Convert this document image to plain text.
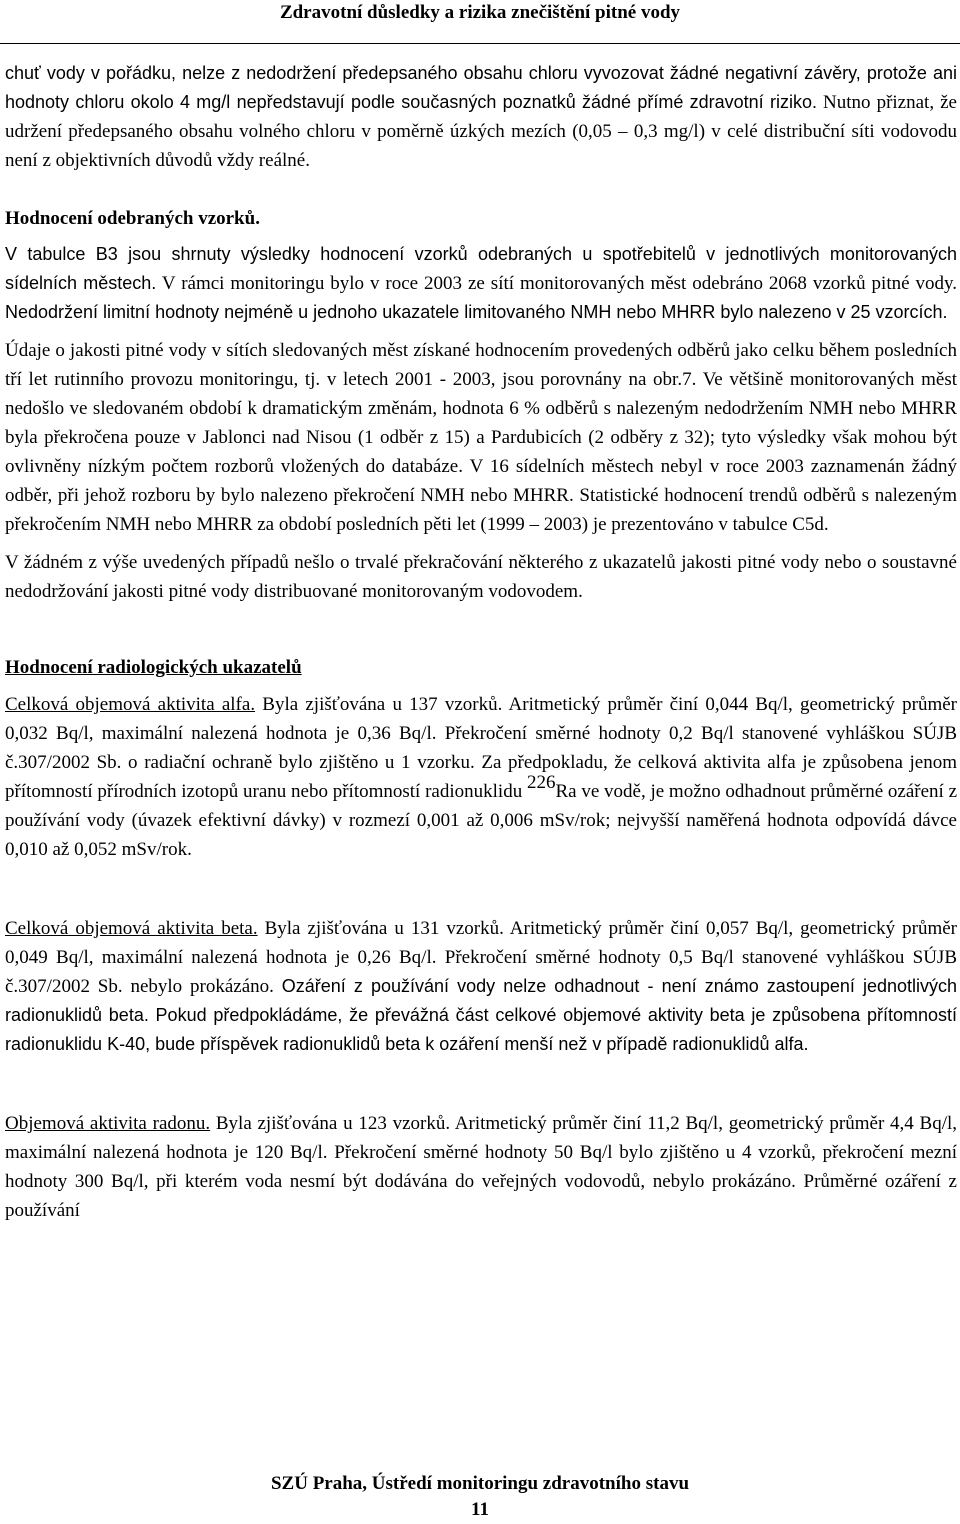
Zdravotní důsledky a rizika znečištění pitné vody

chuť vody v pořádku, nelze z nedodržení předepsaného obsahu chloru vyvozovat žádné negativní závěry, protože ani hodnoty chloru okolo 4 mg/l nepředstavují podle současných poznatků žádné přímé zdravotní riziko. Nutno přiznat, že udržení předepsaného obsahu volného chloru v poměrně úzkých mezích (0,05 – 0,3 mg/l) v celé distribuční síti vodovodu není z objektivních důvodů vždy reálné.

Hodnocení odebraných vzorků.

V tabulce B3 jsou shrnuty výsledky hodnocení vzorků odebraných u spotřebitelů v jednotlivých monitorovaných sídelních městech. V rámci monitoringu bylo v roce 2003 ze sítí monitorovaných měst odebráno 2068 vzorků pitné vody. Nedodržení limitní hodnoty nejméně u jednoho ukazatele limitovaného NMH nebo MHRR bylo nalezeno v 25 vzorcích.

Údaje o jakosti pitné vody v sítích sledovaných měst získané hodnocením provedených odběrů jako celku během posledních tří let rutinního provozu monitoringu, tj. v letech 2001 - 2003, jsou porovnány na obr.7. Ve většině monitorovaných měst nedošlo ve sledovaném období k dramatickým změnám, hodnota 6 % odběrů s nalezeným nedodržením NMH nebo MHRR byla překročena pouze v Jablonci nad Nisou (1 odběr z 15) a Pardubicích (2 odběry z 32); tyto výsledky však mohou být ovlivněny nízkým počtem rozborů vložených do databáze. V 16 sídelních městech nebyl v roce 2003 zaznamenán žádný odběr, při jehož rozboru by bylo nalezeno překročení NMH nebo MHRR. Statistické hodnocení trendů odběrů s nalezeným překročením NMH nebo MHRR za období posledních pěti let (1999 – 2003) je prezentováno v tabulce C5d.

V žádném z výše uvedených případů nešlo o trvalé překračování některého z ukazatelů jakosti pitné vody nebo o soustavné nedodržování jakosti pitné vody distribuované monitorovaným vodovodem.

Hodnocení radiologických ukazatelů

Celková objemová aktivita alfa. Byla zjišťována u 137 vzorků. Aritmetický průměr činí 0,044 Bq/l, geometrický průměr 0,032 Bq/l, maximální nalezená hodnota je 0,36 Bq/l. Překročení směrné hodnoty 0,2 Bq/l stanovené vyhláškou SÚJB č.307/2002 Sb. o radiační ochraně bylo zjištěno u 1 vzorku. Za předpokladu, že celková aktivita alfa je způsobena jenom přítomností přírodních izotopů uranu nebo přítomností radionuklidu $^{226}$Ra ve vodě, je možno odhadnout průměrné ozáření z používání vody (úvazek efektivní dávky) v rozmezí 0,001 až 0,006 mSv/rok; nejvyšší naměřená hodnota odpovídá dávce 0,010 až 0,052 mSv/rok.

Celková objemová aktivita beta. Byla zjišťována u 131 vzorků. Aritmetický průměr činí 0,057 Bq/l, geometrický průměr 0,049 Bq/l, maximální nalezená hodnota je 0,26 Bq/l. Překročení směrné hodnoty 0,5 Bq/l stanovené vyhláškou SÚJB č.307/2002 Sb. nebylo prokázáno. Ozáření z používání vody nelze odhadnout - není známo zastoupení jednotlivých radionuklidů beta. Pokud předpokládáme, že převážná část celkové objemové aktivity beta je způsobena přítomností radionuklidu K-40, bude příspěvek radionuklidů beta k ozáření menší než v případě radionuklidů alfa.

Objemová aktivita radonu. Byla zjišťována u 123 vzorků. Aritmetický průměr činí 11,2 Bq/l, geometrický průměr 4,4 Bq/l, maximální nalezená hodnota je 120 Bq/l. Překročení směrné hodnoty 50 Bq/l bylo zjištěno u 4 vzorků, překročení mezní hodnoty 300 Bq/l, při kterém voda nesmí být dodávána do veřejných vodovodů, nebylo prokázáno. Průměrné ozáření z používání

SZÚ Praha, Ústředí monitoringu zdravotního stavu
11
